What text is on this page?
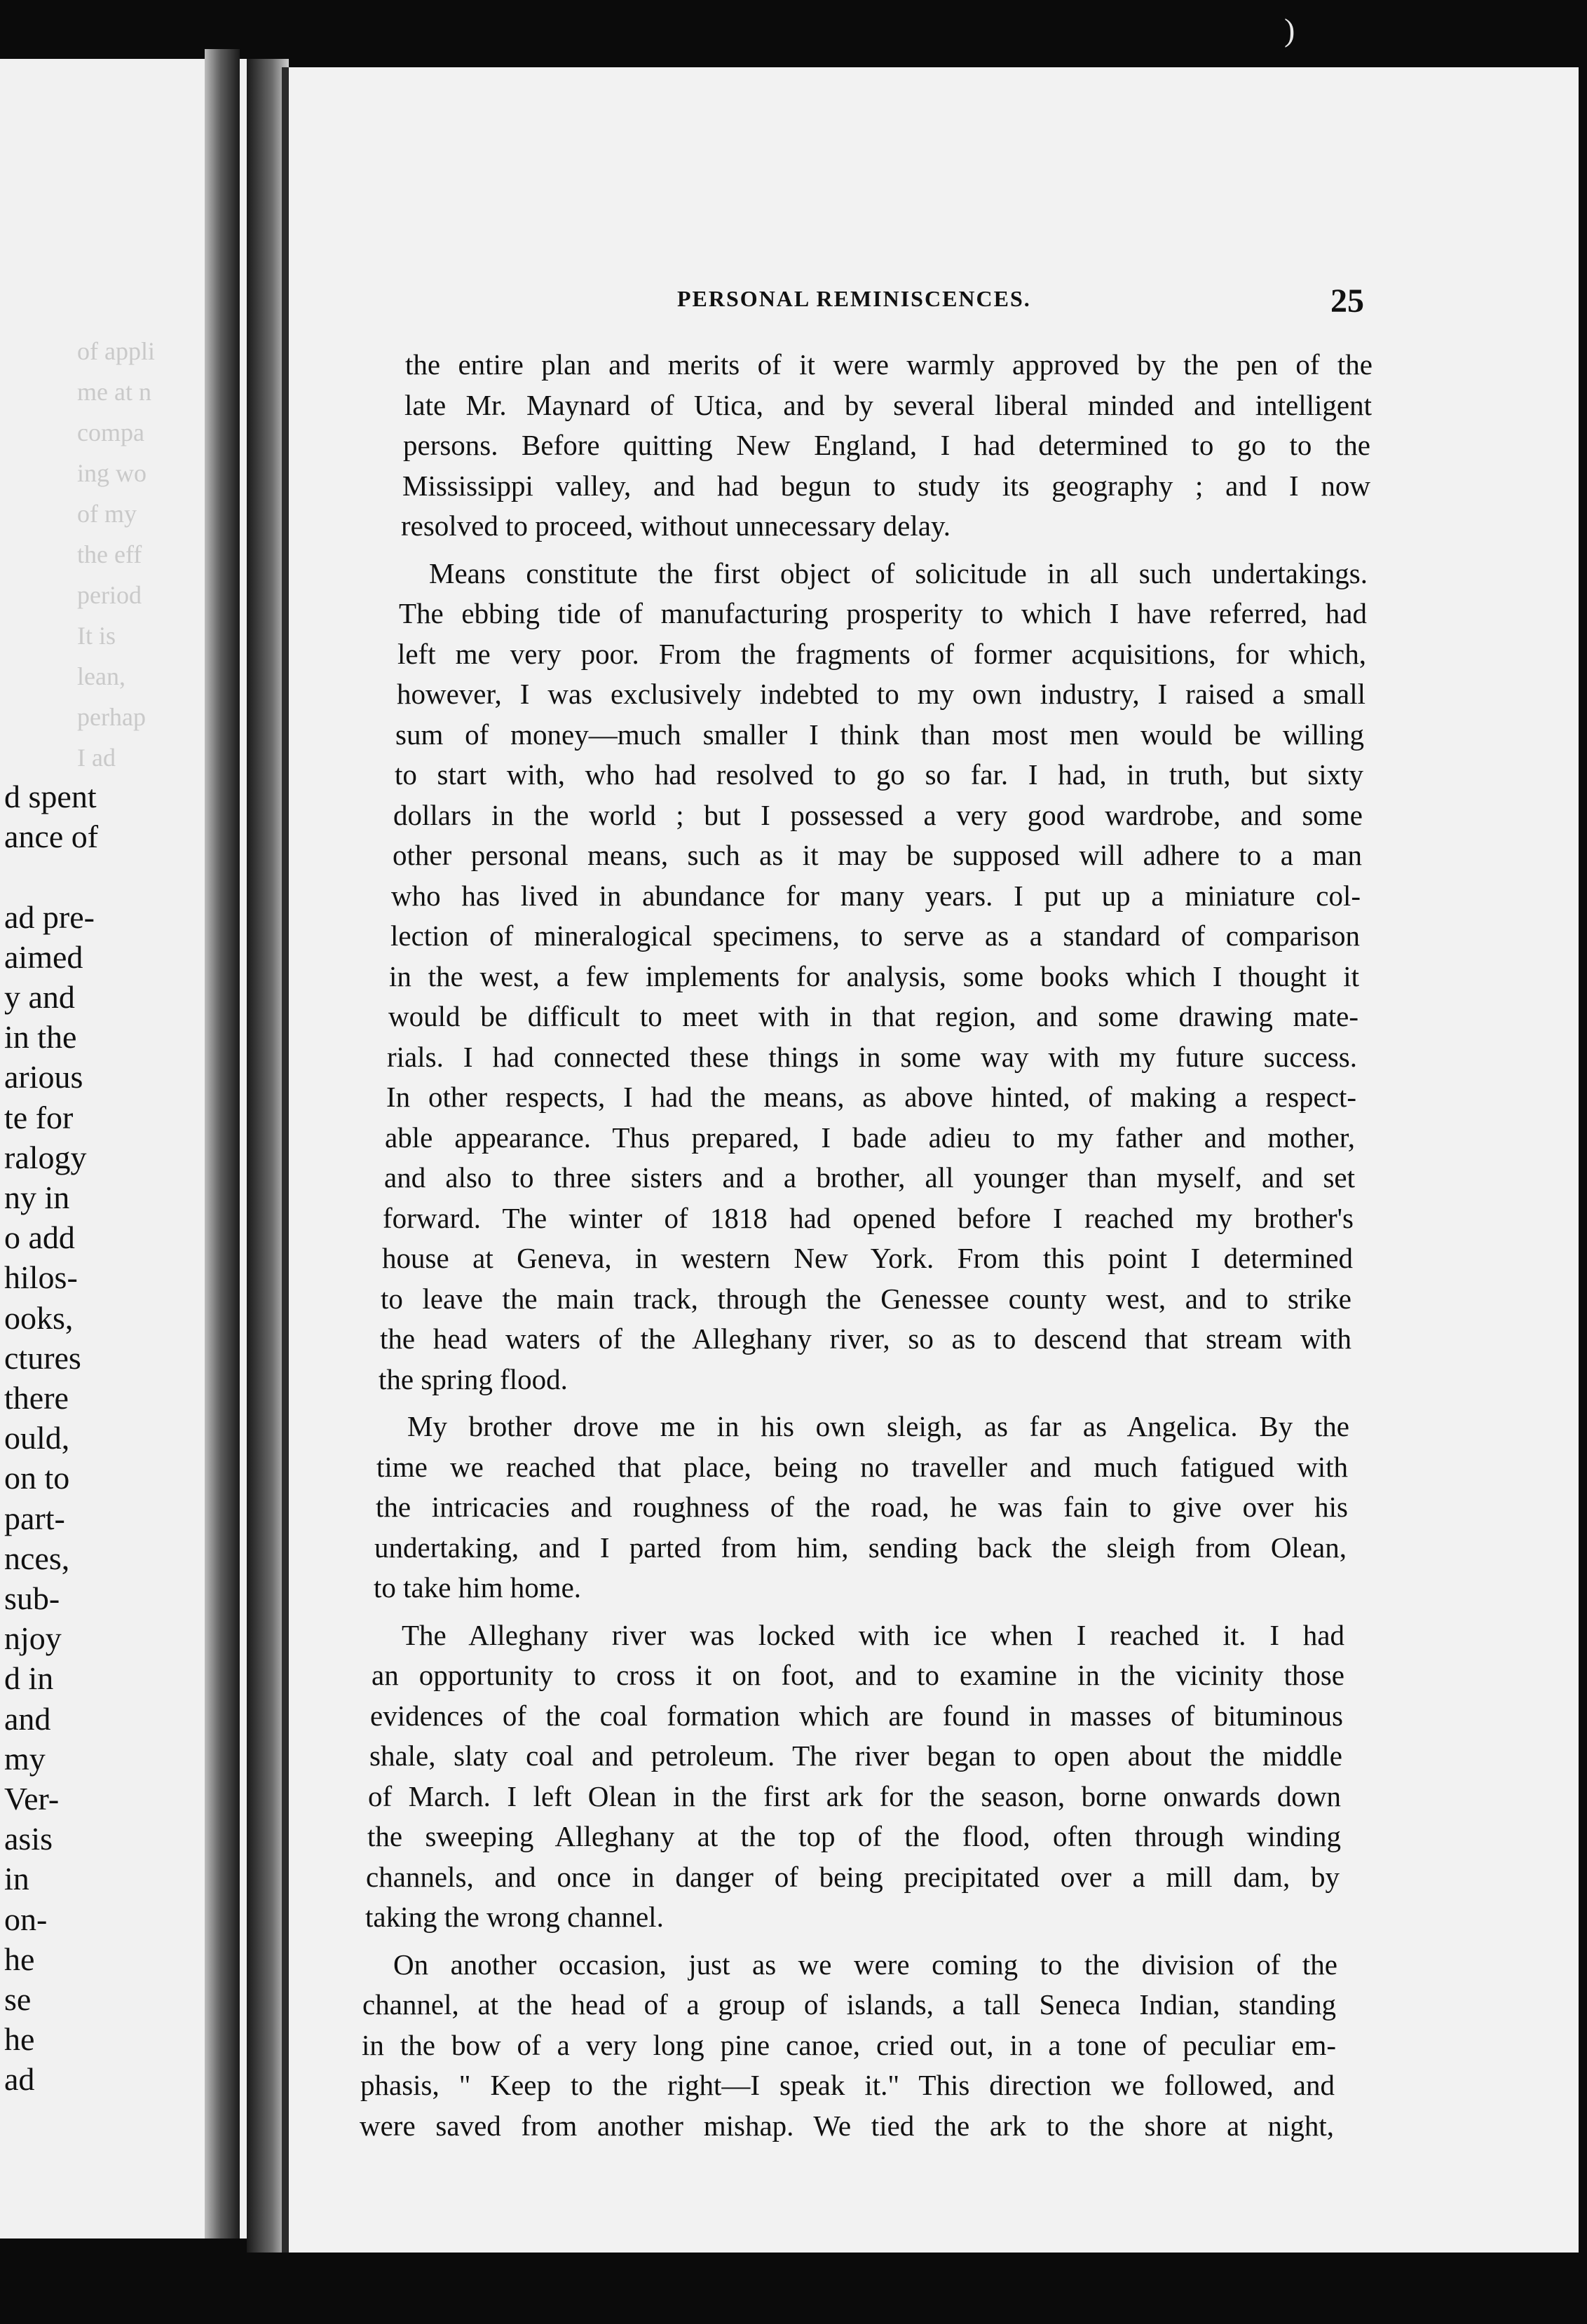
)
d spent
ance of
ad pre-
aimed
y and
in the
arious
te for
ralogy
ny in
o add
hilos-
ooks,
ctures
there
ould,
on to
part-
nces,
sub-
njoy
d in
and
my
Ver-
asis
in
on-
he
se
he
ad
of appli
me at n
compa
ing wo
of my
the eff
period
It is
lean,
perhap
I ad
PERSONAL REMINISCENCES.	25
the entire plan and merits of it were warmly approved by the pen of the
late Mr. Maynard of Utica, and by several liberal minded and intelligent
persons. Before quitting New England, I had determined to go to the
Mississippi valley, and had begun to study its geography ; and I now
resolved to proceed, without unnecessary delay.
Means constitute the first object of solicitude in all such undertakings.
The ebbing tide of manufacturing prosperity to which I have referred, had
left me very poor. From the fragments of former acquisitions, for which,
however, I was exclusively indebted to my own industry, I raised a small
sum of money—much smaller I think than most men would be willing
to start with, who had resolved to go so far. I had, in truth, but sixty
dollars in the world ; but I possessed a very good wardrobe, and some
other personal means, such as it may be supposed will adhere to a man
who has lived in abundance for many years. I put up a miniature col-
lection of mineralogical specimens, to serve as a standard of comparison
in the west, a few implements for analysis, some books which I thought it
would be difficult to meet with in that region, and some drawing mate-
rials. I had connected these things in some way with my future success.
In other respects, I had the means, as above hinted, of making a respect-
able appearance. Thus prepared, I bade adieu to my father and mother,
and also to three sisters and a brother, all younger than myself, and set
forward. The winter of 1818 had opened before I reached my brother's
house at Geneva, in western New York. From this point I determined
to leave the main track, through the Genessee county west, and to strike
the head waters of the Alleghany river, so as to descend that stream with
the spring flood.
My brother drove me in his own sleigh, as far as Angelica. By the
time we reached that place, being no traveller and much fatigued with
the intricacies and roughness of the road, he was fain to give over his
undertaking, and I parted from him, sending back the sleigh from Olean,
to take him home.
The Alleghany river was locked with ice when I reached it. I had
an opportunity to cross it on foot, and to examine in the vicinity those
evidences of the coal formation which are found in masses of bituminous
shale, slaty coal and petroleum. The river began to open about the middle
of March. I left Olean in the first ark for the season, borne onwards down
the sweeping Alleghany at the top of the flood, often through winding
channels, and once in danger of being precipitated over a mill dam, by
taking the wrong channel.
On another occasion, just as we were coming to the division of the
channel, at the head of a group of islands, a tall Seneca Indian, standing
in the bow of a very long pine canoe, cried out, in a tone of peculiar em-
phasis, " Keep to the right—I speak it." This direction we followed, and
were saved from another mishap. We tied the ark to the shore at night,
